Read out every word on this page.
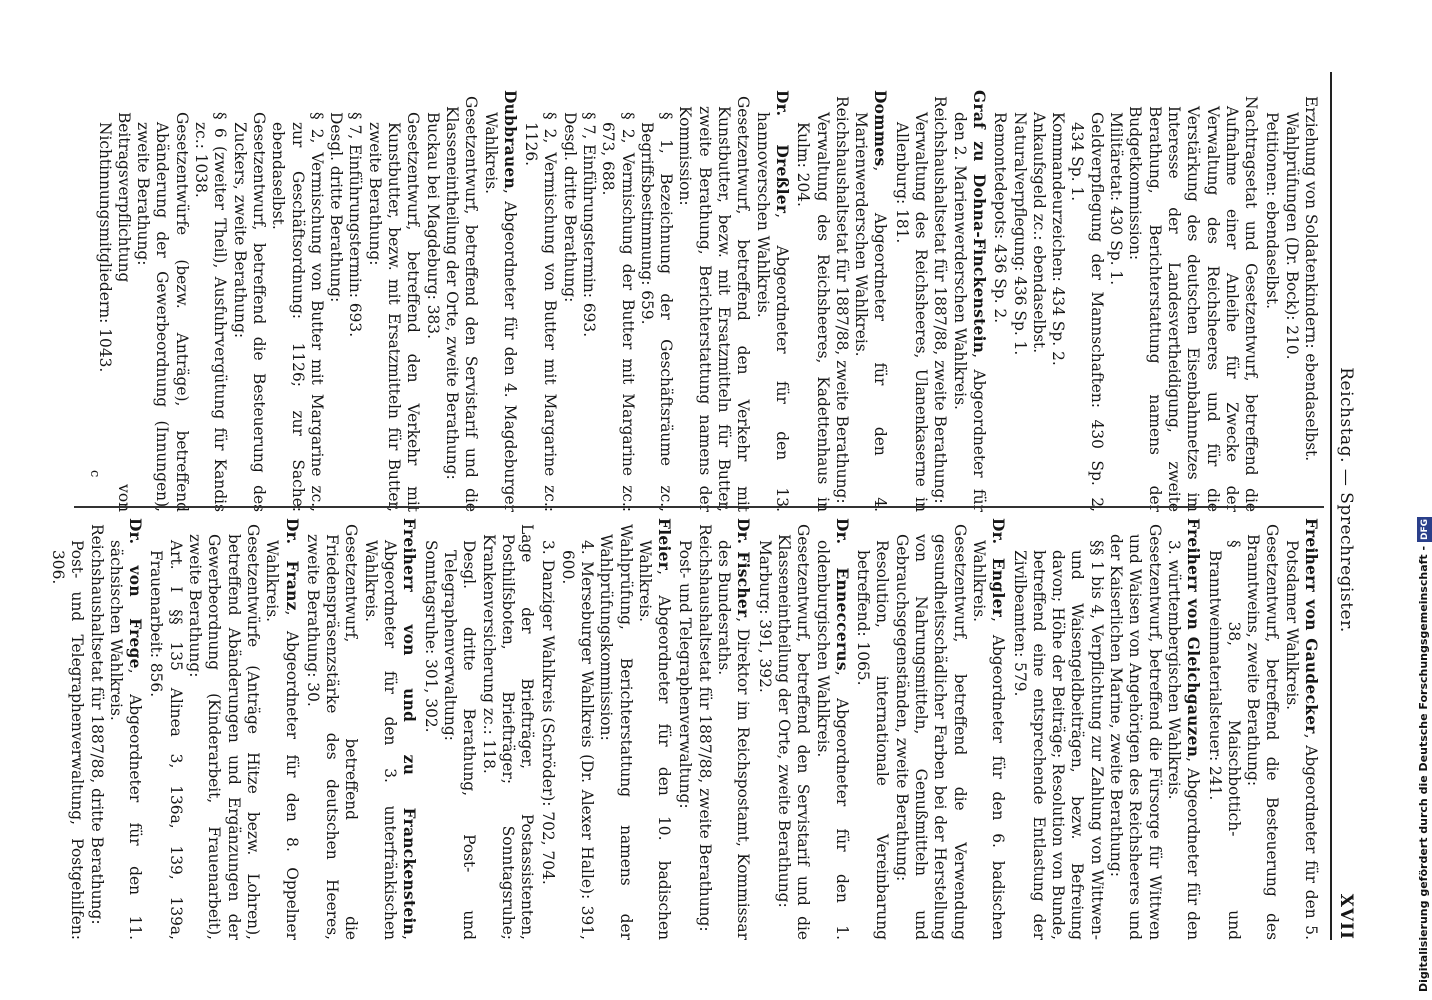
Reichstag. — Sprechregister.
XVII
Erziehung von Soldatenkindern: ebendaselbst.
Wahlprüfungen (Dr. Bock): 210.
Petitionen: ebendaselbst.
Nachtragsetat und Gesetzentwurf, betreffend die Aufnahme einer Anleihe für Zwecke der Verwaltung des Reichsheeres und für die Verstärkung des deutschen Eisenbahnnetzes im Interesse der Landesvertheidigung, zweite Berathung, Berichterstattung namens der Budgetkommission:
Militäretat: 430 Sp. 1.
Geldverpflegung der Mannschaften: 430 Sp. 2, 434 Sp. 1.
Kommandeurzeichen: 434 Sp. 2.
Ankaufsgeld zc.: ebendaselbst.
Naturalverpflegung: 436 Sp. 1.
Remontedepots: 436 Sp. 2.
Graf zu Dohna-Finckenstein, Abgeordneter für den 2. Marienwerderschen Wahlkreis.
Reichshaushaltsetat für 1887/88, zweite Berathung:
Verwaltung des Reichsheeres, Ulanenkaserne in Allenburg: 181.
Dommes, Abgeordneter für den 4. Marienwerderschen Wahlkreis.
Reichshaushaltsetat für 1887/88, zweite Berathung:
Verwaltung des Reichsheeres, Kadettenhaus in Kulm: 204.
Dr. Dreßler, Abgeordneter für den 13. hannoverschen Wahlkreis.
Gesetzentwurf, betreffend den Verkehr mit Kunstbutter, bezw. mit Ersatzmitteln für Butter, zweite Berathung, Berichterstattung namens der Kommission:
§ 1, Bezeichnung der Geschäftsräume zc., Begriffsbestimmung: 659.
§ 2, Vermischung der Butter mit Margarine zc.: 673, 688.
§ 7, Einführungstermin: 693.
Desgl. dritte Berathung:
§ 2, Vermischung von Butter mit Margarine zc.: 1126.
Dubbrauen, Abgeordneter für den 4. Magdeburger Wahlkreis.
Gesetzentwurf, betreffend den Servistarif und die Klasseneintheilung der Orte, zweite Berathung:
Buckau bei Magdeburg: 383.
Gesetzentwurf, betreffend den Verkehr mit Kunstbutter, bezw. mit Ersatzmitteln für Butter, zweite Berathung:
§ 7, Einführungstermin: 693.
Desgl. dritte Berathung:
§ 2, Vermischung von Butter mit Margarine zc., zur Geschäftsordnung: 1126; zur Sache: ebendaselbst.
Gesetzentwurf, betreffend die Besteuerung des Zuckers, zweite Berathung:
§ 6 (zweiter Theil), Ausfuhrvergütung für Kandis zc.: 1038.
Gesetzentwürfe (bezw. Anträge), betreffend Abänderung der Gewerbeordnung (Innungen), zweite Berathung:
Beitragsverpflichtung von Nichtinnungsmitgliedern: 1043.
Freiherr von Gaudecker, Abgeordneter für den 5. Potsdamer Wahlkreis.
Gesetzentwurf, betreffend die Besteuerung des Branntweins, zweite Berathung:
§ 38, Maischbottich- und Branntweinmaterialsteuer: 241.
Freiherr von Gleichgauzen, Abgeordneter für den 3. württembergischen Wahlkreis.
Gesetzentwurf, betreffend die Fürsorge für Wittwen und Waisen von Angehörigen des Reichsheeres und der Kaiserlichen Marine, zweite Berathung:
§§ 1 bis 4, Verpflichtung zur Zahlung von Wittwen- und Waisengeldbeiträgen, bezw. Befreiung davon; Höhe der Beiträge; Resolution von Bunde, betreffend eine entsprechende Entlastung der Zivilbeamten: 579.
Dr. Engler, Abgeordneter für den 6. badischen Wahlkreis.
Gesetzentwurf, betreffend die Verwendung gesundheitsschädlicher Farben bei der Herstellung von Nahrungsmitteln, Genußmitteln und Gebrauchsgegenständen, zweite Berathung:
Resolution, internationale Vereinbarung betreffend: 1065.
Dr. Enneccerus, Abgeordneter für den 1. oldenburgischen Wahlkreis.
Gesetzentwurf, betreffend den Servistarif und die Klasseneintheilung der Orte, zweite Berathung:
Marburg: 391, 392.
Dr. Fischer, Direktor im Reichspostamt, Kommissar des Bundesraths.
Reichshaushaltsetat für 1887/88, zweite Berathung:
Post- und Telegraphenverwaltung:
Fleier, Abgeordneter für den 10. badischen Wahlkreis.
Wahlprüfung, Berichterstattung namens der Wahlprüfungskommission:
4. Merseburger Wahlkreis (Dr. Alexer Halle): 391, 600.
3. Danziger Wahlkreis (Schröder): 702, 704.
Lage der Briefträger, Postassistenten, Posthilfsboten, Briefträger; Sonntagsruhe; Krankenversicherung zc.: 118.
Desgl. dritte Berathung, Post- und Telegraphenverwaltung:
Sonntagsruhe: 301, 302.
Freiherr von und zu Franckenstein, Abgeordneter für den 3. unterfränkischen Wahlkreis.
Gesetzentwurf, betreffend die Friedenspräsenzstärke des deutschen Heeres, zweite Berathung: 30.
Dr. Franz, Abgeordneter für den 8. Oppelner Wahlkreis.
Gesetzentwürfe (Anträge Hitze bezw. Lohren), betreffend Abänderungen und Ergänzungen der Gewerbeordnung (Kinderarbeit, Frauenarbeit), zweite Berathung:
Art. I §§ 135 Alinea 3, 136a, 139, 139a, Frauenarbeit: 856.
Dr. von Frege, Abgeordneter für den 11. sächsischen Wahlkreis.
Reichshaushaltsetat für 1887/88, dritte Berathung:
Post- und Telegraphenverwaltung, Postgehilfen: 306.
c
Digitalisierung gefördert durch die Deutsche Forschungsgemeinschaft -DFG
